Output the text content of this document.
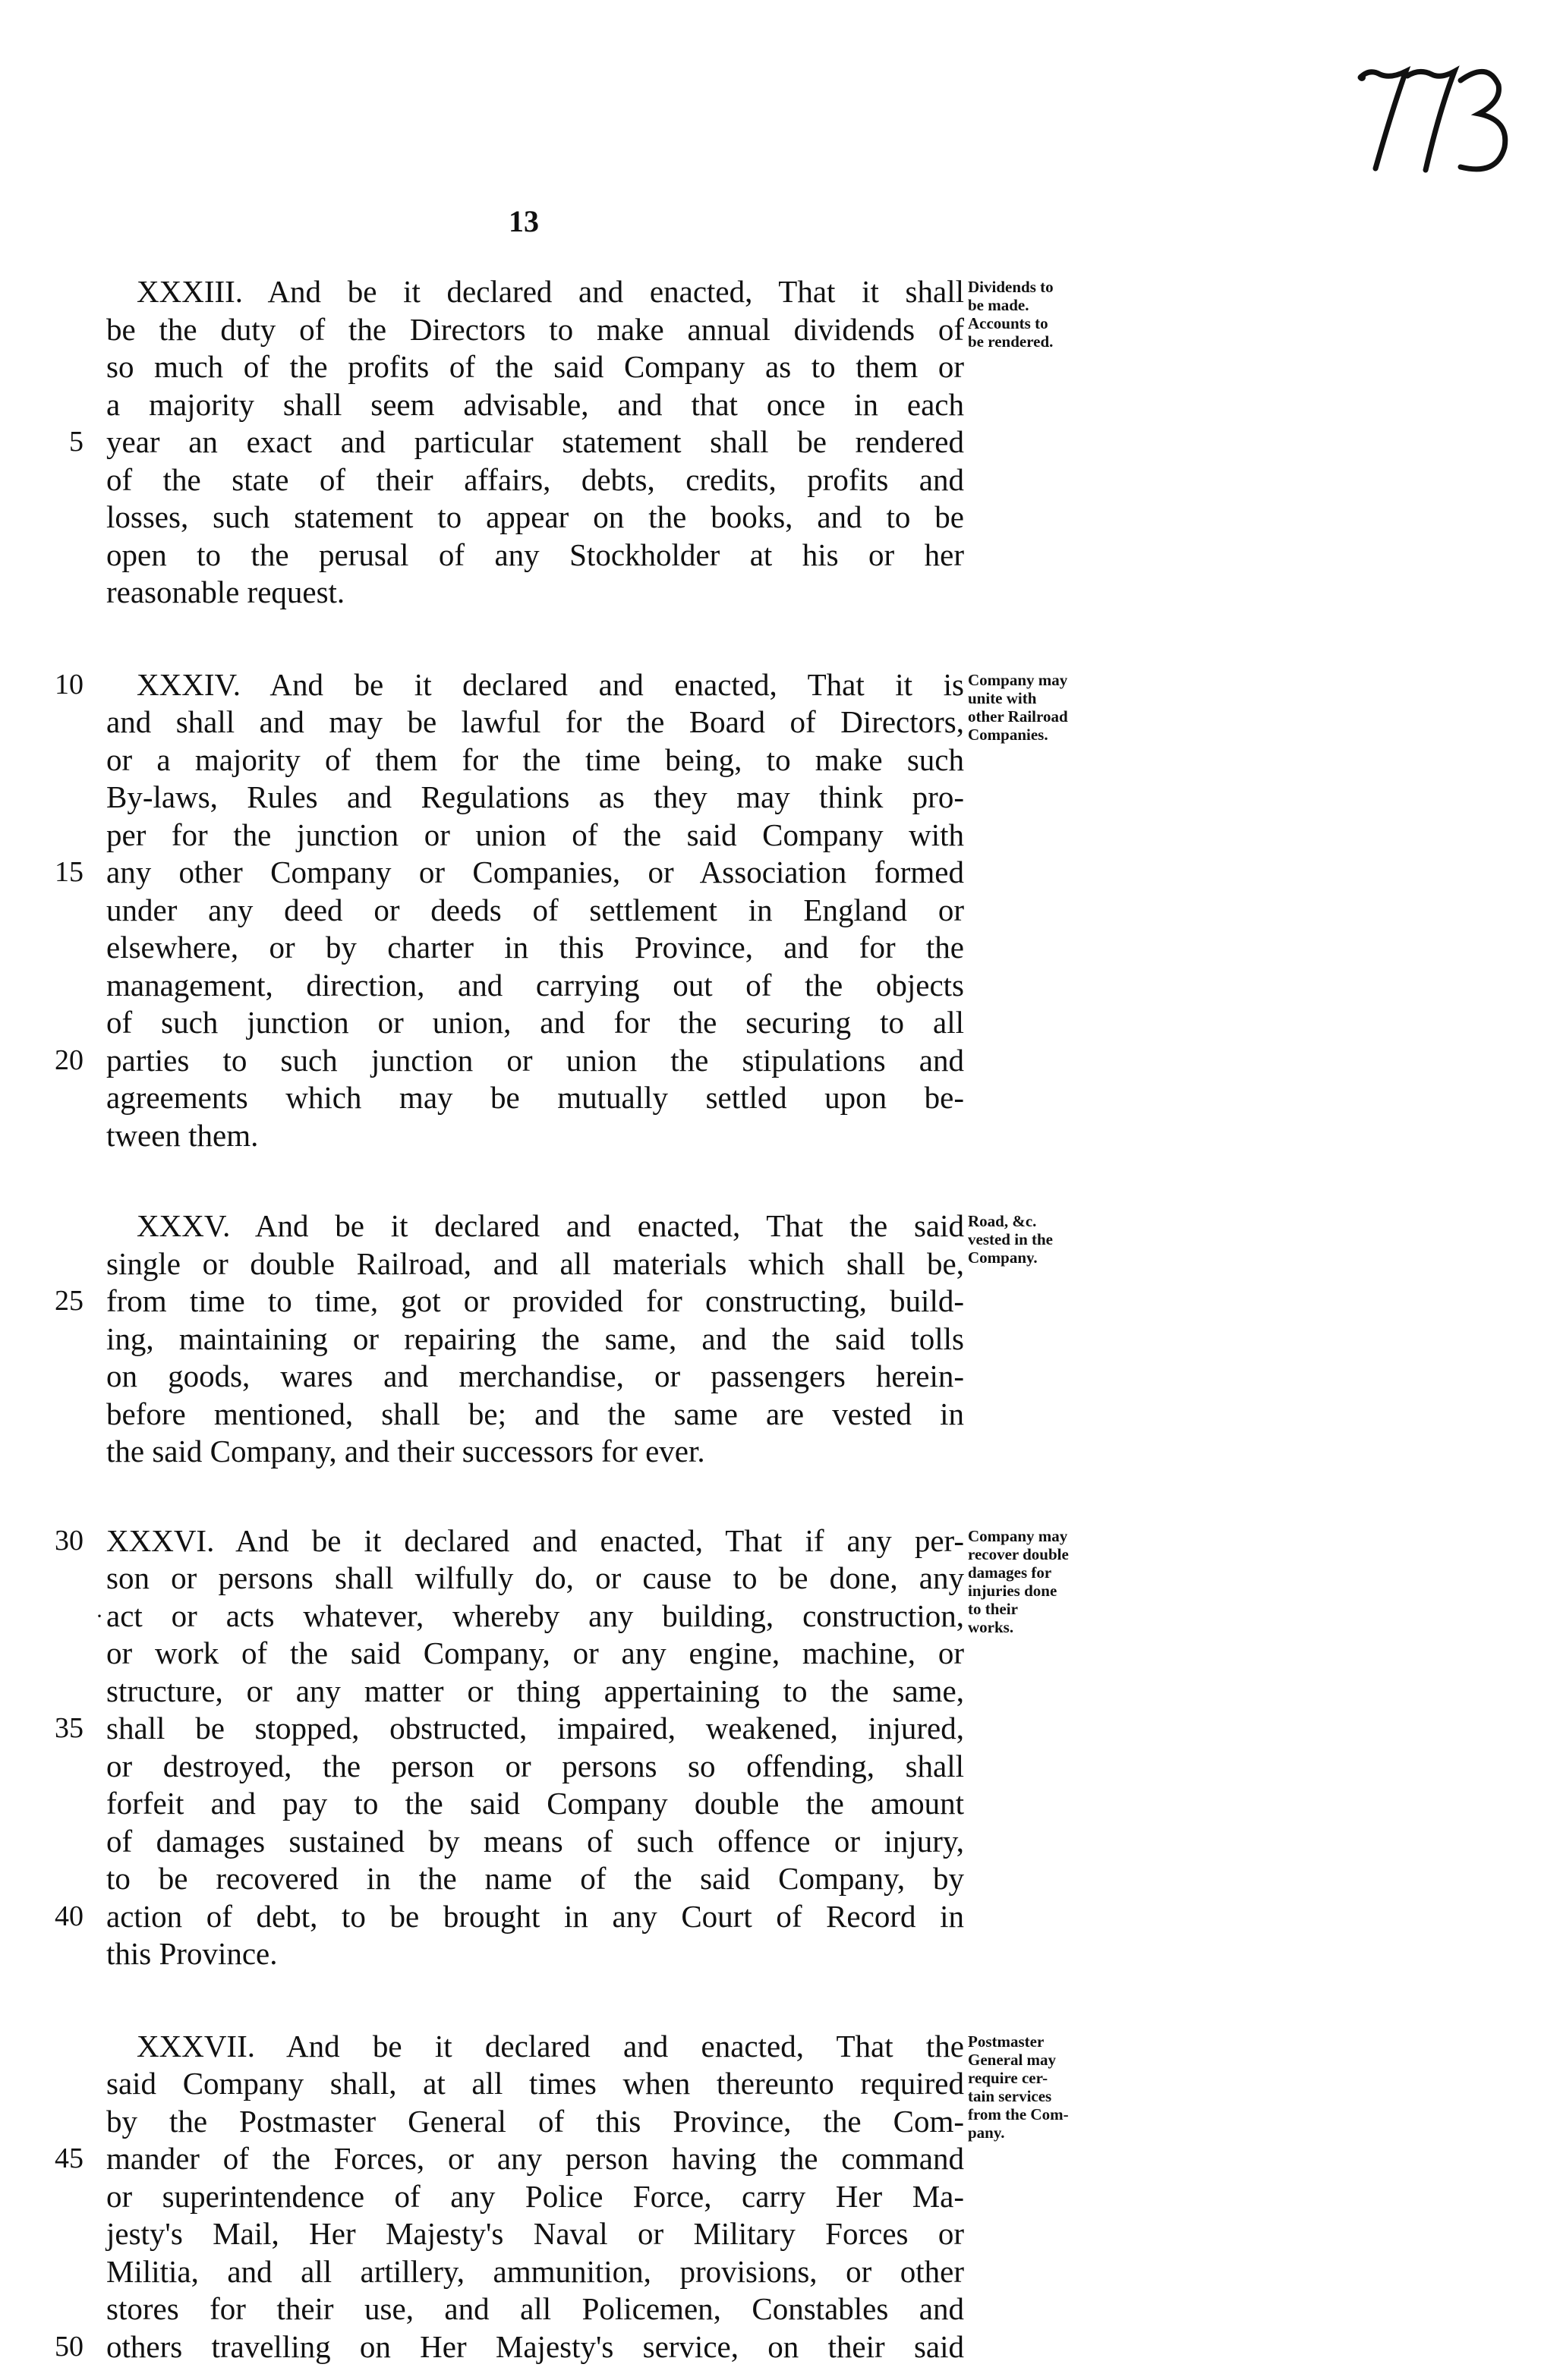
13
XXXIII. And be it declared and enacted, That it shall
be the duty of the Directors to make annual dividends of
so much of the profits of the said Company as to them or
a majority shall seem advisable, and that once in each
year an exact and particular statement shall be rendered
5
of the state of their affairs, debts, credits, profits and
losses, such statement to appear on the books, and to be
open to the perusal of any Stockholder at his or her
reasonable request.
Dividends to
be made.
Accounts to
be rendered.
XXXIV. And be it declared and enacted, That it is
10
and shall and may be lawful for the Board of Directors,
or a majority of them for the time being, to make such
By-laws, Rules and Regulations as they may think pro-
per for the junction or union of the said Company with
any other Company or Companies, or Association formed
15
under any deed or deeds of settlement in England or
elsewhere, or by charter in this Province, and for the
management, direction, and carrying out of the objects
of such junction or union, and for the securing to all
parties to such junction or union the stipulations and
20
agreements which may be mutually settled upon be-
tween them.
Company may
unite with
other Railroad
Companies.
XXXV. And be it declared and enacted, That the said
single or double Railroad, and all materials which shall be,
from time to time, got or provided for constructing, build-
25
ing, maintaining or repairing the same, and the said tolls
on goods, wares and merchandise, or passengers herein-
before mentioned, shall be; and the same are vested in
the said Company, and their successors for ever.
Road, &c.
vested in the
Company.
XXXVI. And be it declared and enacted, That if any per-
30
son or persons shall wilfully do, or cause to be done, any
act or acts whatever, whereby any building, construction,
·
or work of the said Company, or any engine, machine, or
structure, or any matter or thing appertaining to the same,
shall be stopped, obstructed, impaired, weakened, injured,
35
or destroyed, the person or persons so offending, shall
forfeit and pay to the said Company double the amount
of damages sustained by means of such offence or injury,
to be recovered in the name of the said Company, by
action of debt, to be brought in any Court of Record in
40
this Province.
Company may
recover double
damages for
injuries done
to their
works.
XXXVII. And be it declared and enacted, That the
said Company shall, at all times when thereunto required
by the Postmaster General of this Province, the Com-
mander of the Forces, or any person having the command
45
or superintendence of any Police Force, carry Her Ma-
jesty's Mail, Her Majesty's Naval or Military Forces or
Militia, and all artillery, ammunition, provisions, or other
stores for their use, and all Policemen, Constables and
others travelling on Her Majesty's service, on their said
50
Postmaster
General may
require cer-
tain services
from the Com-
pany.
